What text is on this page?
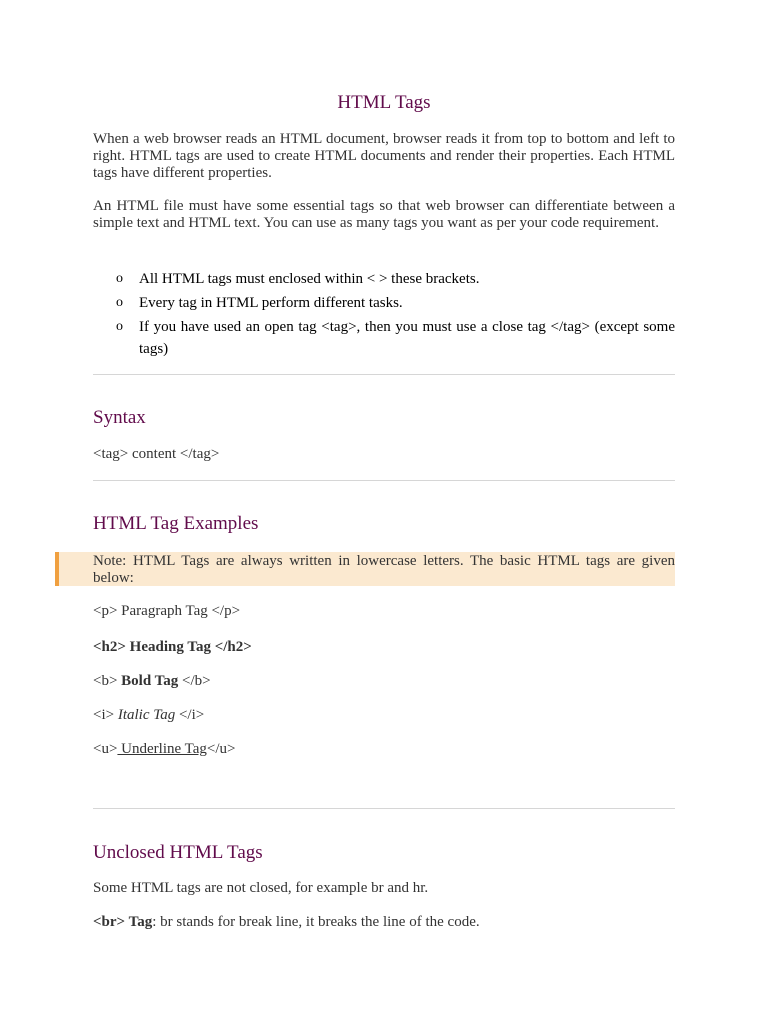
HTML Tags

When a web browser reads an HTML document, browser reads it from top to bottom and left to right. HTML tags are used to create HTML documents and render their properties. Each HTML tags have different properties.

An HTML file must have some essential tags so that web browser can differentiate between a simple text and HTML text. You can use as many tags you want as per your code requirement.

o All HTML tags must enclosed within < > these brackets.
o Every tag in HTML perform different tasks.
o If you have used an open tag <tag>, then you must use a close tag </tag> (except some tags)
Syntax
<tag> content </tag>
HTML Tag Examples
Note: HTML Tags are always written in lowercase letters. The basic HTML tags are given below:
<p> Paragraph Tag </p>
<h2> Heading Tag </h2>
<b> Bold Tag </b>
<i> Italic Tag </i>
<u> Underline Tag</u>
Unclosed HTML Tags
Some HTML tags are not closed, for example br and hr.
<br> Tag: br stands for break line, it breaks the line of the code.
